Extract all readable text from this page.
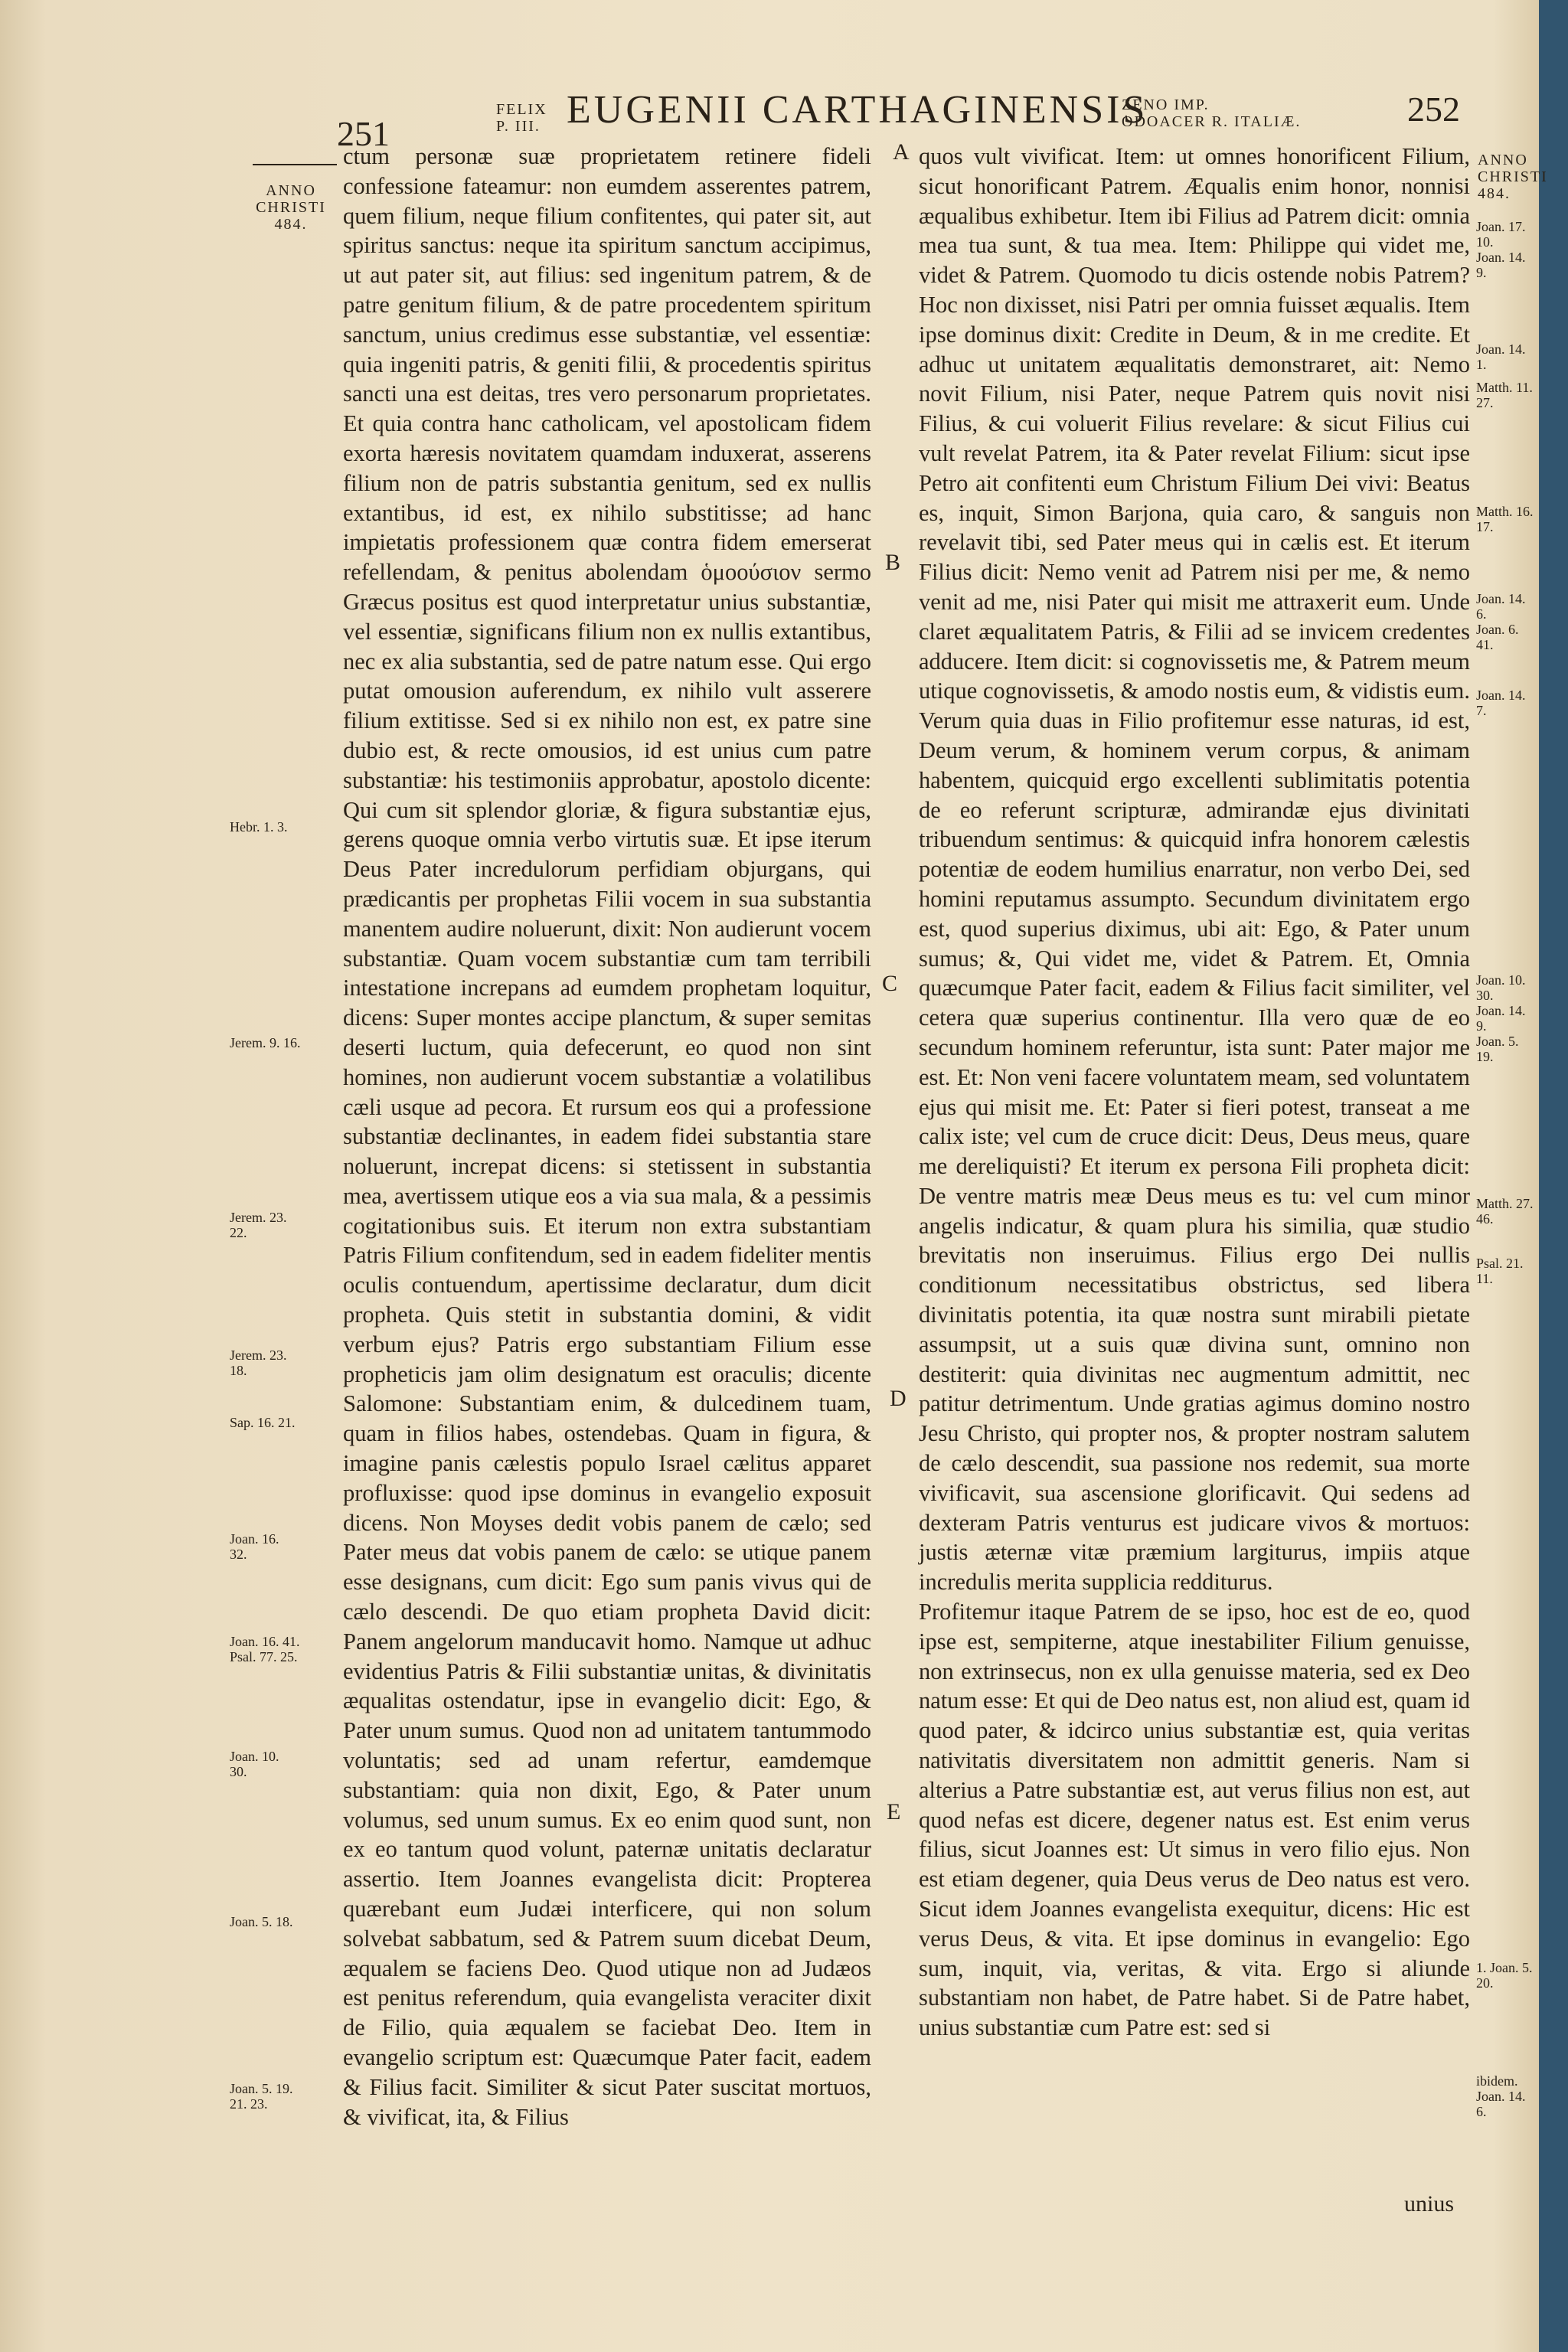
251
FELIX
P. III. EUGENII CARTHAGINENSIS
ZENO IMP.
ODOACER R. ITALIÆ.	252
ANNO
CHRISTI
484.
ANNO
CHRISTI
484.
ctum personæ suæ proprietatem retinere fideli confessione fateamur: non eumdem asserentes patrem, quem filium, neque filium confitentes, qui pater sit, aut spiritus sanctus: neque ita spiritum sanctum accipimus, ut aut pater sit, aut filius: sed ingenitum patrem, & de patre genitum filium, & de patre procedentem spiritum sanctum, unius credimus esse substantiæ, vel essentiæ: quia ingeniti patris, & geniti filii, & procedentis spiritus sancti una est deitas, tres vero personarum proprietates. Et quia contra hanc catholicam, vel apostolicam fidem exorta hæresis novitatem quamdam induxerat, asserens filium non de patris substantia genitum, sed ex nullis extantibus, id est, ex nihilo substitisse; ad hanc impietatis professionem quæ contra fidem emerserat refellendam, & penitus abolendam ὁμοούσιον sermo Græcus positus est quod interpretatur unius substantiæ, vel essentiæ, significans filium non ex nullis extantibus, nec ex alia substantia, sed de patre natum esse. Qui ergo putat omousion auferendum, ex nihilo vult asserere filium extitisse. Sed si ex nihilo non est, ex patre sine dubio est, & recte omousios, id est unius cum patre substantiæ: his testimoniis approbatur, apostolo dicente: Qui cum sit splendor gloriæ, & figura substantiæ ejus, gerens quoque omnia verbo virtutis suæ. Et ipse iterum Deus Pater incredulorum perfidiam objurgans, qui prædicantis per prophetas Filii vocem in sua substantia manentem audire noluerunt, dixit: Non audierunt vocem substantiæ. Quam vocem substantiæ cum tam terribili intestatione increpans ad eumdem prophetam loquitur, dicens: Super montes accipe planctum, & super semitas deserti luctum, quia defecerunt, eo quod non sint homines, non audierunt vocem substantiæ a volatilibus cæli usque ad pecora. Et rursum eos qui a professione substantiæ declinantes, in eadem fidei substantia stare noluerunt, increpat dicens: si stetissent in substantia mea, avertissem utique eos a via sua mala, & a pessimis cogitationibus suis. Et iterum non extra substantiam Patris Filium confitendum, sed in eadem fideliter mentis oculis contuendum, apertissime declaratur, dum dicit propheta. Quis stetit in substantia domini, & vidit verbum ejus? Patris ergo substantiam Filium esse propheticis jam olim designatum est oraculis; dicente Salomone: Substantiam enim, & dulcedinem tuam, quam in filios habes, ostendebas. Quam in figura, & imagine panis cælestis populo Israel cælitus apparet profluxisse: quod ipse dominus in evangelio exposuit dicens. Non Moyses dedit vobis panem de cælo; sed Pater meus dat vobis panem de cælo: se utique panem esse designans, cum dicit: Ego sum panis vivus qui de cælo descendi. De quo etiam propheta David dicit: Panem angelorum manducavit homo. Namque ut adhuc evidentius Patris & Filii substantiæ unitas, & divinitatis æqualitas ostendatur, ipse in evangelio dicit: Ego, & Pater unum sumus. Quod non ad unitatem tantummodo voluntatis; sed ad unam refertur, eamdemque substantiam: quia non dixit, Ego, & Pater unum volumus, sed unum sumus. Ex eo enim quod sunt, non ex eo tantum quod volunt, paternæ unitatis declaratur assertio. Item Joannes evangelista dicit: Propterea quærebant eum Judæi interficere, qui non solum solvebat sabbatum, sed & Patrem suum dicebat Deum, æqualem se faciens Deo. Quod utique non ad Judæos est penitus referendum, quia evangelista veraciter dixit de Filio, quia æqualem se faciebat Deo. Item in evangelio scriptum est: Quæcumque Pater facit, eadem & Filius facit. Similiter & sicut Pater suscitat mortuos, & vivificat, ita, & Filius
quos vult vivificat. Item: ut omnes honorificent Filium, sicut honorificant Patrem. Æqualis enim honor, nonnisi æqualibus exhibetur. Item ibi Filius ad Patrem dicit: omnia mea tua sunt, & tua mea. Item: Philippe qui videt me, videt & Patrem. Quomodo tu dicis ostende nobis Patrem? Hoc non dixisset, nisi Patri per omnia fuisset æqualis. Item ipse dominus dixit: Credite in Deum, & in me credite. Et adhuc ut unitatem æqualitatis demonstraret, ait: Nemo novit Filium, nisi Pater, neque Patrem quis novit nisi Filius, & cui voluerit Filius revelare: & sicut Filius cui vult revelat Patrem, ita & Pater revelat Filium: sicut ipse Petro ait confitenti eum Christum Filium Dei vivi: Beatus es, inquit, Simon Barjona, quia caro, & sanguis non revelavit tibi, sed Pater meus qui in cælis est. Et iterum Filius dicit: Nemo venit ad Patrem nisi per me, & nemo venit ad me, nisi Pater qui misit me attraxerit eum. Unde claret æqualitatem Patris, & Filii ad se invicem credentes adducere. Item dicit: si cognovissetis me, & Patrem meum utique cognovissetis, & amodo nostis eum, & vidistis eum. Verum quia duas in Filio profitemur esse naturas, id est, Deum verum, & hominem verum corpus, & animam habentem, quicquid ergo excellenti sublimitatis potentia de eo referunt scripturæ, admirandæ ejus divinitati tribuendum sentimus: & quicquid infra honorem cælestis potentiæ de eodem humilius enarratur, non verbo Dei, sed homini reputamus assumpto. Secundum divinitatem ergo est, quod superius diximus, ubi ait: Ego, & Pater unum sumus; &, Qui videt me, videt & Patrem. Et, Omnia quæcumque Pater facit, eadem & Filius facit similiter, vel cetera quæ superius continentur. Illa vero quæ de eo secundum hominem referuntur, ista sunt: Pater major me est. Et: Non veni facere voluntatem meam, sed voluntatem ejus qui misit me. Et: Pater si fieri potest, transeat a me calix iste; vel cum de cruce dicit: Deus, Deus meus, quare me dereliquisti? Et iterum ex persona Fili propheta dicit: De ventre matris meæ Deus meus es tu: vel cum minor angelis indicatur, & quam plura his similia, quæ studio brevitatis non inseruimus. Filius ergo Dei nullis conditionum necessitatibus obstrictus, sed libera divinitatis potentia, ita quæ nostra sunt mirabili pietate assumpsit, ut a suis quæ divina sunt, omnino non destiterit: quia divinitas nec augmentum admittit, nec patitur detrimentum. Unde gratias agimus domino nostro Jesu Christo, qui propter nos, & propter nostram salutem de cælo descendit, sua passione nos redemit, sua morte vivificavit, sua ascensione glorificavit. Qui sedens ad dexteram Patris venturus est judicare vivos & mortuos: justis æternæ vitæ præmium largiturus, impiis atque incredulis merita supplicia redditurus.
Profitemur itaque Patrem de se ipso, hoc est de eo, quod ipse est, sempiterne, atque inestabiliter Filium genuisse, non extrinsecus, non ex ulla genuisse materia, sed ex Deo natum esse: Et qui de Deo natus est, non aliud est, quam id quod pater, & idcirco unius substantiæ est, quia veritas nativitatis diversitatem non admittit generis. Nam si alterius a Patre substantiæ est, aut verus filius non est, aut quod nefas est dicere, degener natus est. Est enim verus filius, sicut Joannes est: Ut simus in vero filio ejus. Non est etiam degener, quia Deus verus de Deo natus est vero. Sicut idem Joannes evangelista exequitur, dicens: Hic est verus Deus, & vita. Et ipse dominus in evangelio: Ego sum, inquit, via, veritas, & vita. Ergo si aliunde substantiam non habet, de Patre habet. Si de Patre habet, unius substantiæ cum Patre est: sed si
unius
A
B
C
D
E
Hebr. 1. 3.
Jerem. 9. 16.
Jerem. 23.
22.
Jerem. 23.
18.
Sap. 16. 21.
Joan. 16.
32.
Joan. 16. 41.
Psal. 77. 25.
Joan. 10.
30.
Joan. 5. 18.
Joan. 5. 19.
21. 23.
Joan. 17. 10.
Joan. 14. 9.
Joan. 14. 1.
Matth. 11.
27.
Matth. 16.
17.
Joan. 14. 6.
Joan. 6.
41.
Joan. 14. 7.
Joan. 10. 30.
Joan. 14. 9.
Joan. 5. 19.
Matth. 27.
46.
Psal. 21. 11.
1. Joan. 5.
20.
ibidem.
Joan. 14. 6.
